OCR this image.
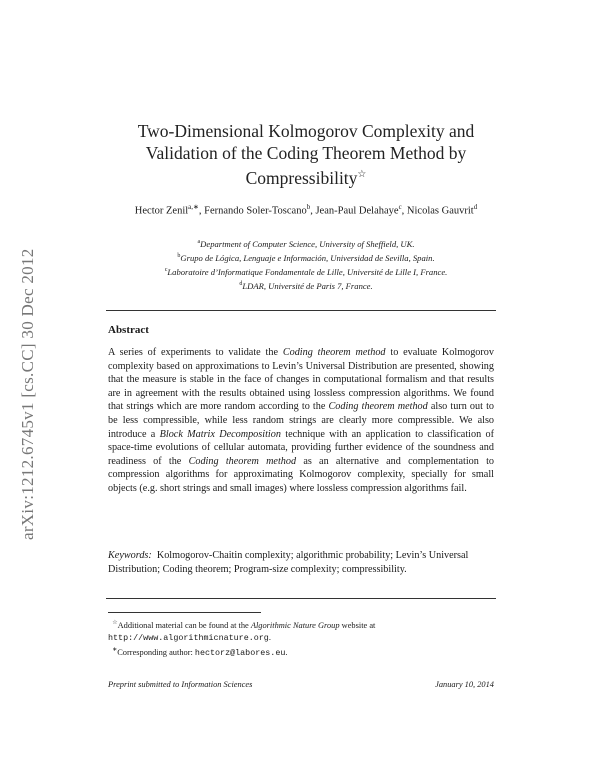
arXiv:1212.6745v1 [cs.CC] 30 Dec 2012
Two-Dimensional Kolmogorov Complexity and
Validation of the Coding Theorem Method by
Compressibility☆
Hector Zenil$^{a,∗}$, Fernando Soler-Toscano$^b$, Jean-Paul Delahaye$^c$, Nicolas Gauvrit$^d$
$^a$Department of Computer Science, University of Sheffield, UK.
$^b$Grupo de Lógica, Lenguaje e Información, Universidad de Sevilla, Spain.
$^c$Laboratoire d’Informatique Fondamentale de Lille, Université de Lille I, France.
$^d$LDAR, Université de Paris 7, France.
Abstract
A series of experiments to validate the Coding theorem method to evaluate Kolmogorov complexity based on approximations to Levin’s Universal Distribution are presented, showing that the measure is stable in the face of changes in computational formalism and that results are in agreement with the results obtained using lossless compression algorithms. We found that strings which are more random according to the Coding theorem method also turn out to be less compressible, while less random strings are clearly more compressible. We also introduce a Block Matrix Decomposition technique with an application to classification of space-time evolutions of cellular automata, providing further evidence of the soundness and readiness of the Coding theorem method as an alternative and complementation to compression algorithms for approximating Kolmogorov complexity, specially for small objects (e.g. short strings and small images) where lossless compression algorithms fail.
Keywords: Kolmogorov-Chaitin complexity; algorithmic probability; Levin’s Universal Distribution; Coding theorem; Program-size complexity; compressibility.
☆Additional material can be found at the Algorithmic Nature Group website at http://www.algorithmicnature.org.
∗Corresponding author: hectorz@labores.eu.
Preprint submitted to Information Sciences	January 10, 2014
